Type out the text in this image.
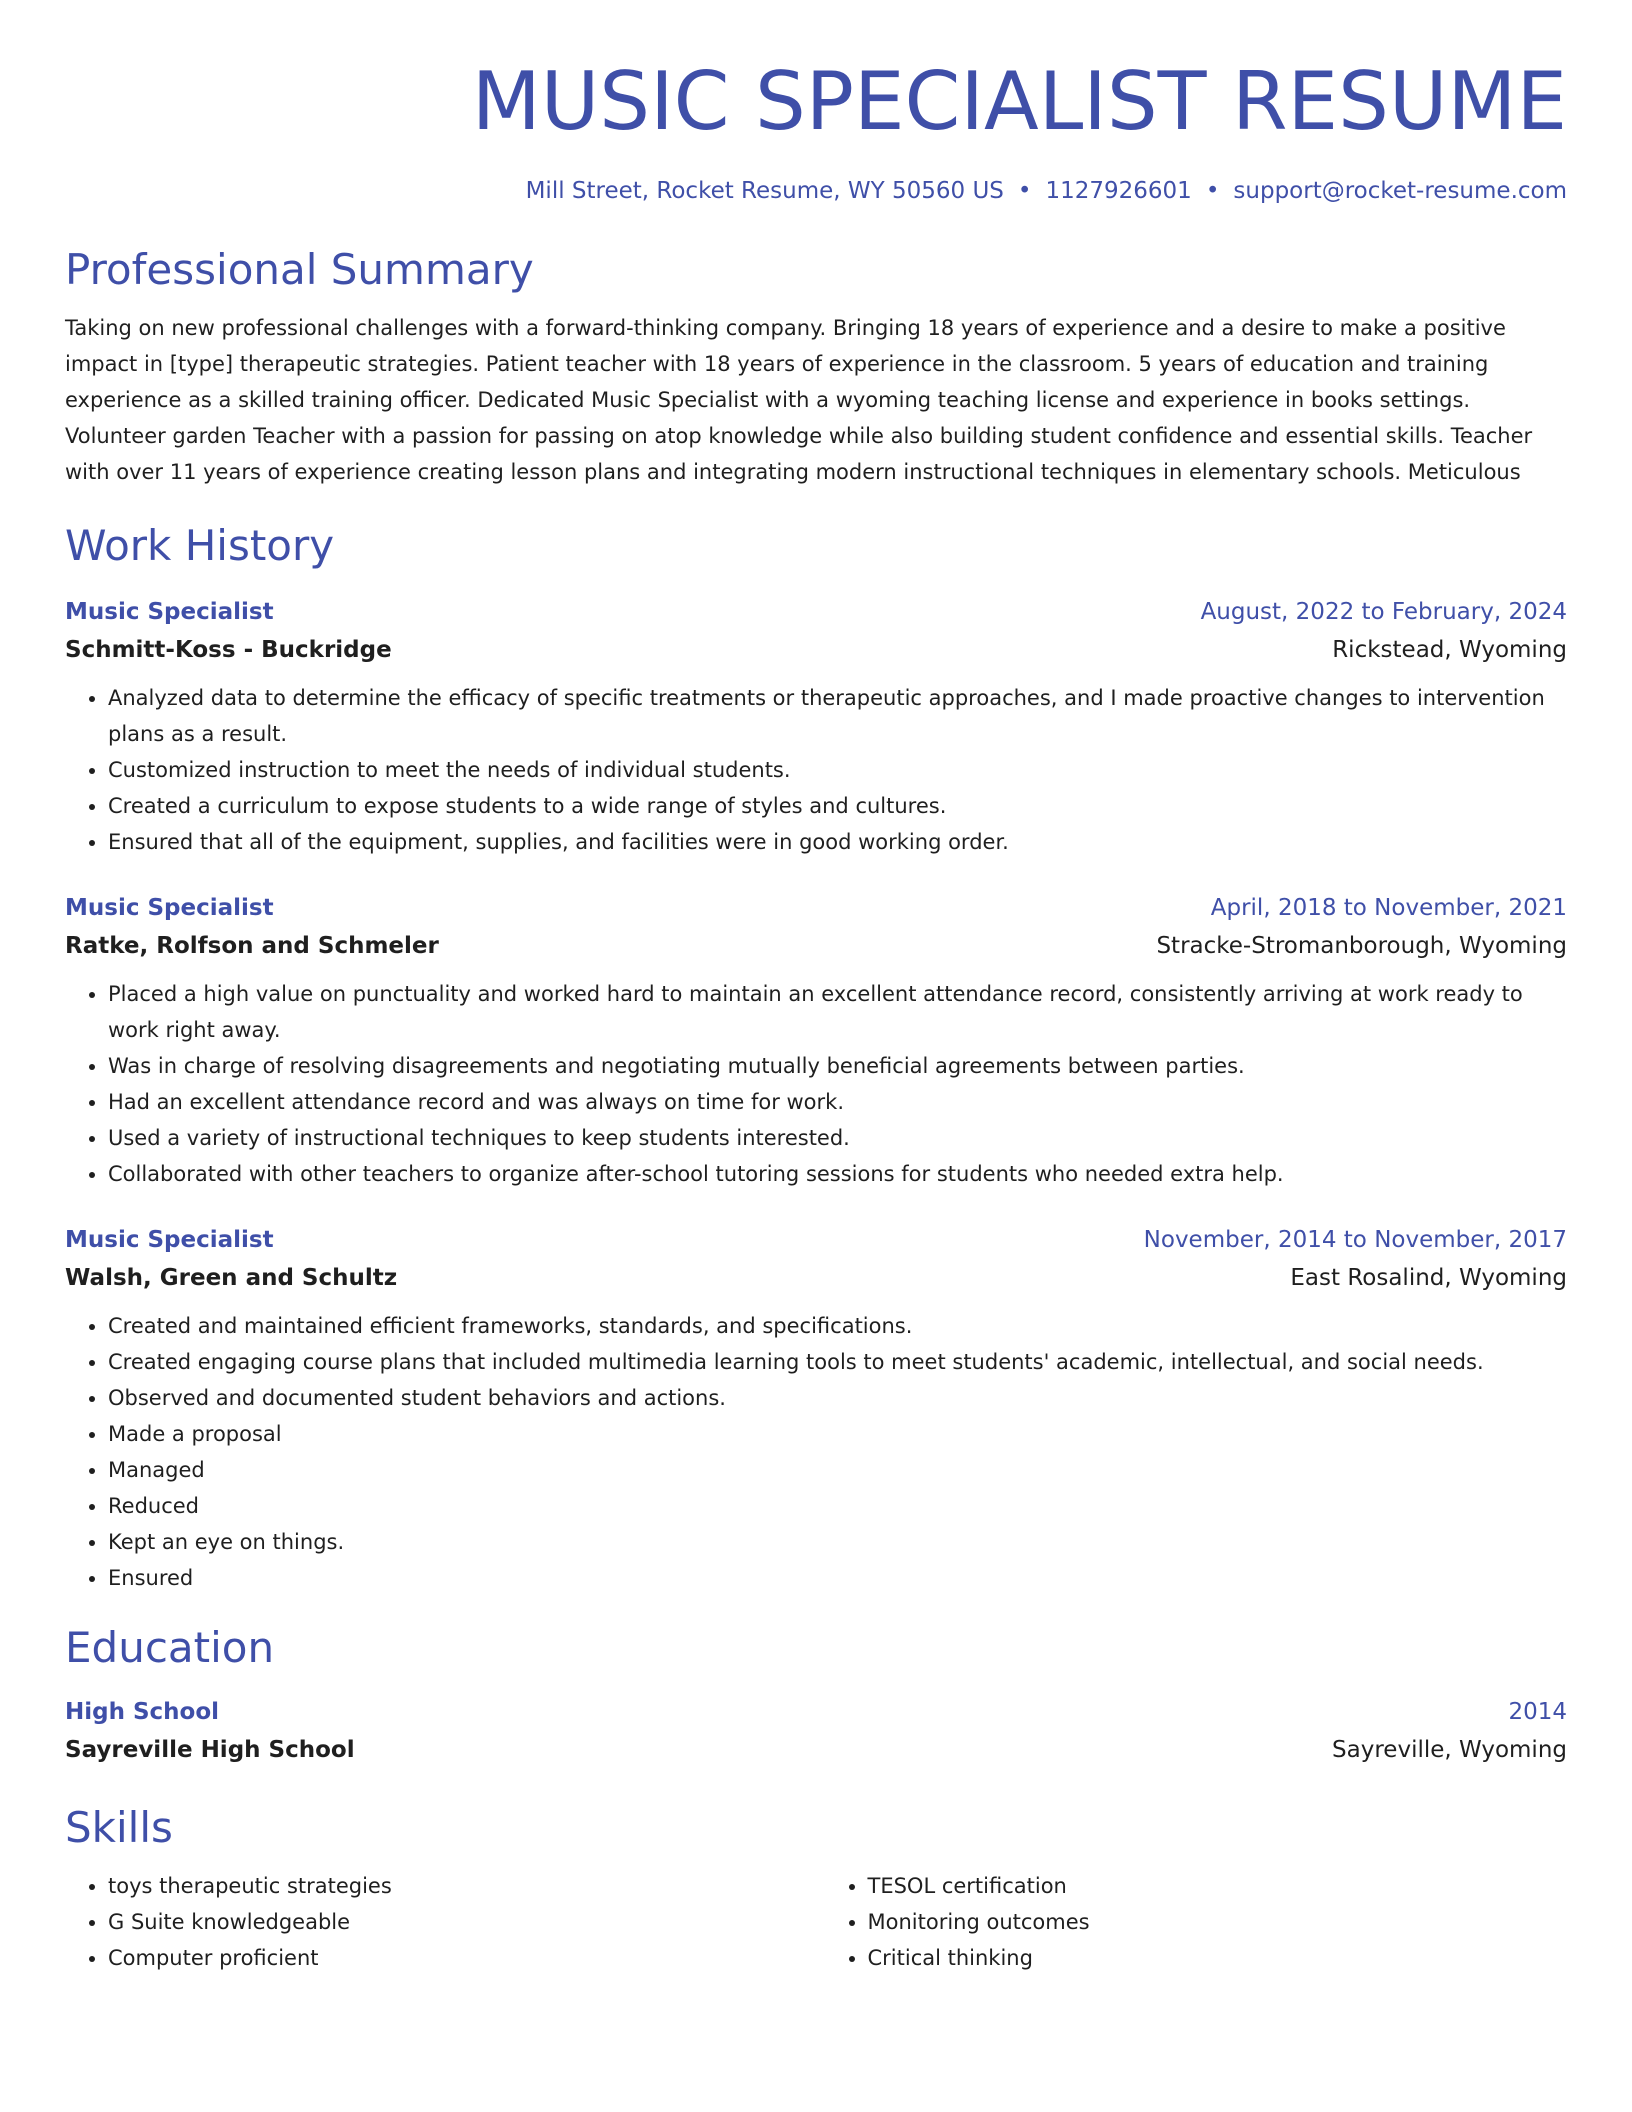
MUSIC SPECIALIST RESUME
Mill Street, Rocket Resume, WY 50560 US • 1127926601 • support@rocket-resume.com
Professional Summary
Taking on new professional challenges with a forward-thinking company. Bringing 18 years of experience and a desire to make a positive impact in [type] therapeutic strategies. Patient teacher with 18 years of experience in the classroom. 5 years of education and training experience as a skilled training officer. Dedicated Music Specialist with a wyoming teaching license and experience in books settings. Volunteer garden Teacher with a passion for passing on atop knowledge while also building student confidence and essential skills. Teacher with over 11 years of experience creating lesson plans and integrating modern instructional techniques in elementary schools. Meticulous
Work History
Music Specialist	August, 2022 to February, 2024
Schmitt-Koss - Buckridge	Rickstead, Wyoming
• Analyzed data to determine the efficacy of specific treatments or therapeutic approaches, and I made proactive changes to intervention plans as a result.
• Customized instruction to meet the needs of individual students.
• Created a curriculum to expose students to a wide range of styles and cultures.
• Ensured that all of the equipment, supplies, and facilities were in good working order.
Music Specialist	April, 2018 to November, 2021
Ratke, Rolfson and Schmeler	Stracke-Stromanborough, Wyoming
• Placed a high value on punctuality and worked hard to maintain an excellent attendance record, consistently arriving at work ready to work right away.
• Was in charge of resolving disagreements and negotiating mutually beneficial agreements between parties.
• Had an excellent attendance record and was always on time for work.
• Used a variety of instructional techniques to keep students interested.
• Collaborated with other teachers to organize after-school tutoring sessions for students who needed extra help.
Music Specialist	November, 2014 to November, 2017
Walsh, Green and Schultz	East Rosalind, Wyoming
• Created and maintained efficient frameworks, standards, and specifications.
• Created engaging course plans that included multimedia learning tools to meet students' academic, intellectual, and social needs.
• Observed and documented student behaviors and actions.
• Made a proposal
• Managed
• Reduced
• Kept an eye on things.
• Ensured
Education
High School	2014
Sayreville High School	Sayreville, Wyoming
Skills
• toys therapeutic strategies
• G Suite knowledgeable
• Computer proficient
• TESOL certification
• Monitoring outcomes
• Critical thinking
